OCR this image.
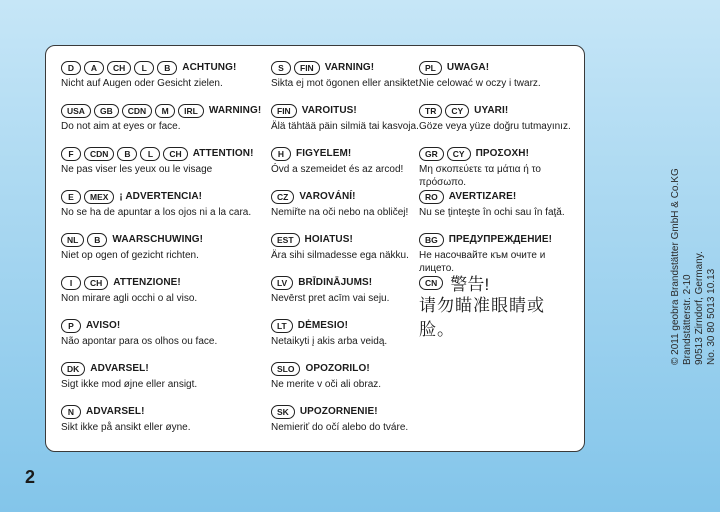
D	A	CH	L	B	ACHTUNG!
Nicht auf Augen oder Gesicht zielen.
USA	GB	CDN	M	IRL	WARNING!
Do not aim at eyes or face.
F	CDN	B	L	CH	ATTENTION!
Ne pas viser les yeux ou le visage
E	MEX	¡ ADVERTENCIA!
No se ha de apuntar a los ojos ni a la cara.
NL	B	WAARSCHUWING!
Niet op ogen of gezicht richten.
I	CH	ATTENZIONE!
Non mirare agli occhi o al viso.
P	AVISO!
Não apontar para os olhos ou face.
DK	ADVARSEL!
Sigt ikke mod øjne eller ansigt.
N	ADVARSEL!
Sikt ikke på ansikt eller øyne.
S	FIN	VARNING!
Sikta ej mot ögonen eller ansiktet.
FIN	VAROITUS!
Älä tähtää päin silmiä tai kasvoja.
H	FIGYELEM!
Óvd a szemeidet és az arcod!
CZ	VAROVÁNÍ!
Nemiřte na oči nebo na obličej!
EST	HOIATUS!
Ära sihi silmadesse ega näkku.
LV	BRĪDINĀJUMS!
Nevērst pret acīm vai seju.
LT	DĖMESIO!
Netaikyti į akis arba veidą.
SLO	OPOZORILO!
Ne merite v oči ali obraz.
SK	UPOZORNENIE!
Nemieriť do očí alebo do tváre.
PL	UWAGA!
Nie celować w oczy i twarz.
TR	CY	UYARI!
Göze veya yüze doğru tutmayınız.
GR	CY	ΠΡΟΣΟΧΗ!
Μη σκοπεύετε τα μάτια ή το πρόσωπο.
RO	AVERTIZARE!
Nu se ţinteşte în ochi sau în faţă.
BG	ПРЕДУПРЕЖДЕНИЕ!
Не насочвайте към очите и лицето.
CN 警告!
请勿瞄准眼睛或脸。	© 2011 geobra Brandstätter GmbH & Co.KG Brandstätterstr. 2-10 90513 Zirndorf, Germany. No. 30 80 5013 10.13
2
